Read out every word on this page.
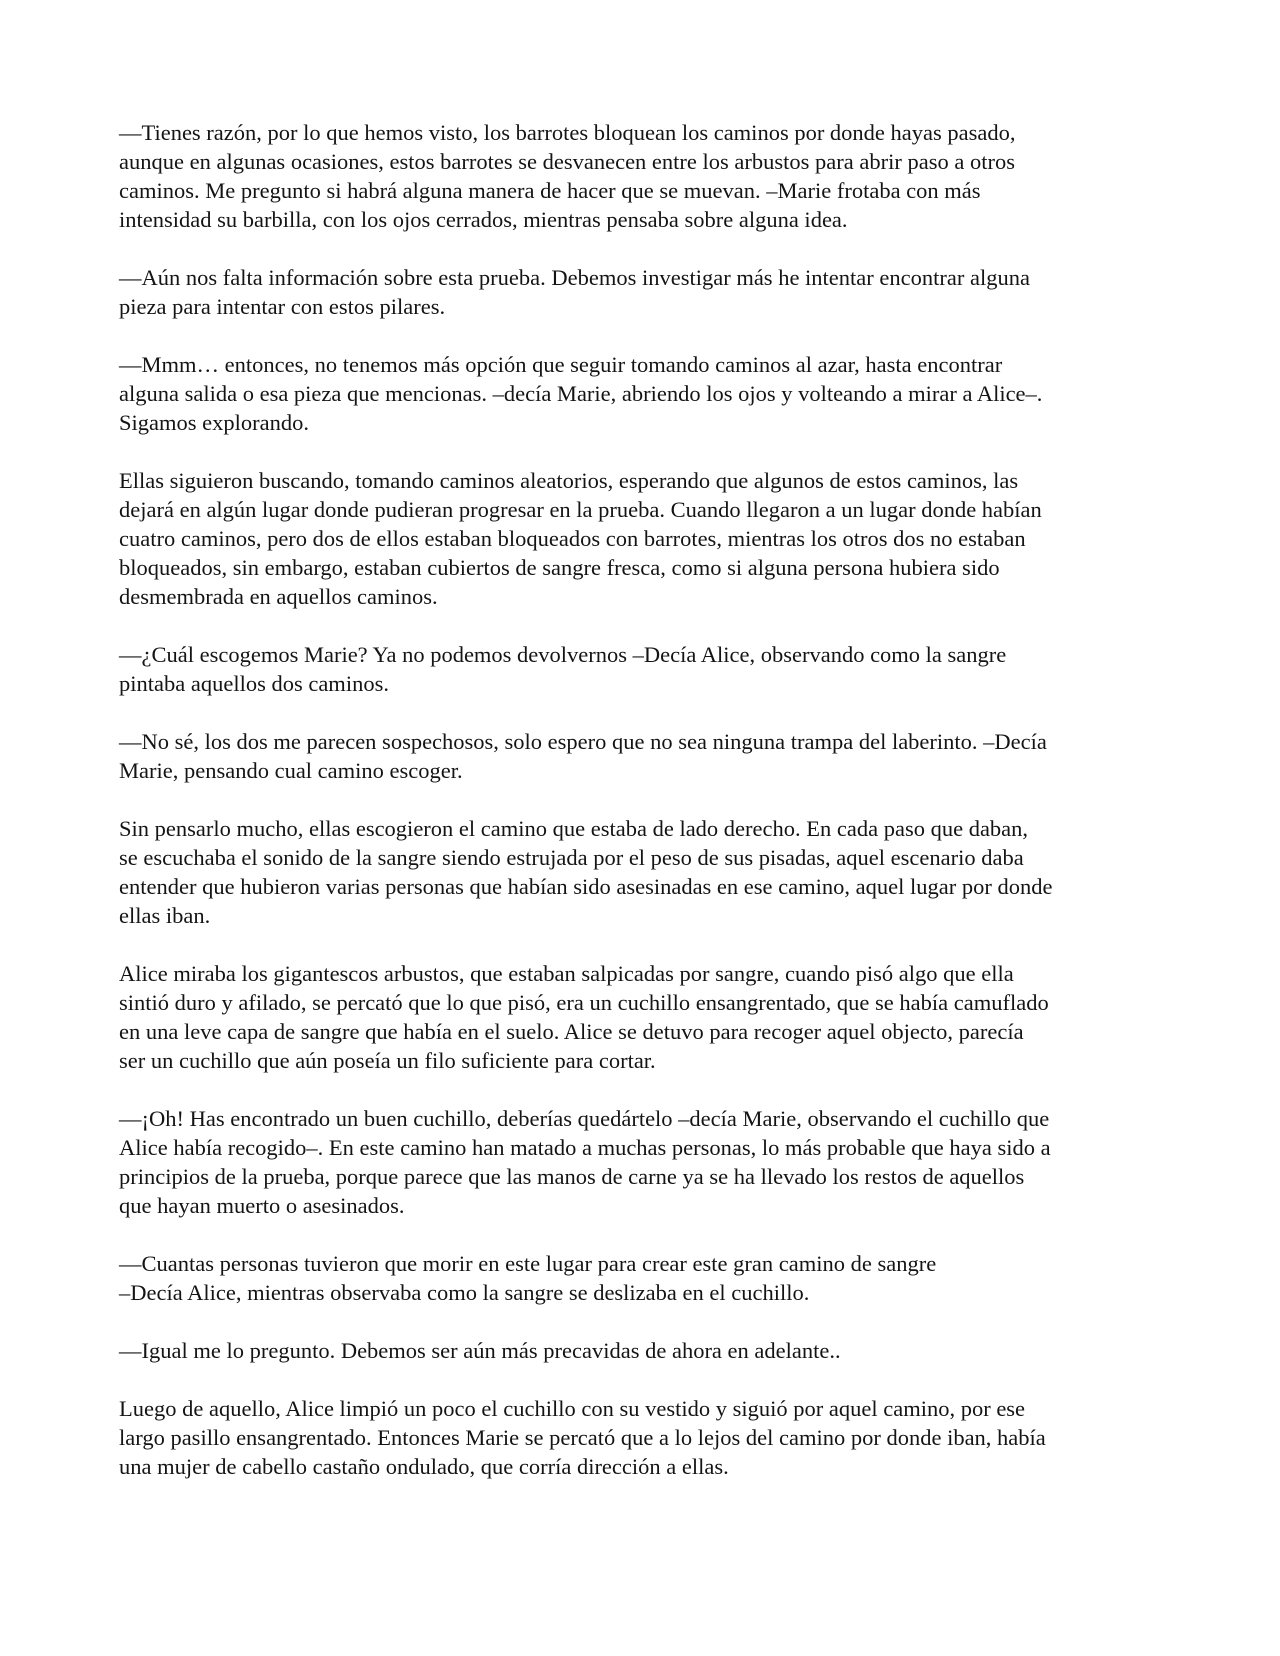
—Tienes razón, por lo que hemos visto, los barrotes bloquean los caminos por donde hayas pasado,
aunque en algunas ocasiones, estos barrotes se desvanecen entre los arbustos para abrir paso a otros
caminos. Me pregunto si habrá alguna manera de hacer que se muevan. –Marie frotaba con más
intensidad su barbilla, con los ojos cerrados, mientras pensaba sobre alguna idea.

—Aún nos falta información sobre esta prueba. Debemos investigar más he intentar encontrar alguna
pieza para intentar con estos pilares.

—Mmm… entonces, no tenemos más opción que seguir tomando caminos al azar, hasta encontrar
alguna salida o esa pieza que mencionas. –decía Marie, abriendo los ojos y volteando a mirar a Alice–.
Sigamos explorando.

Ellas siguieron buscando, tomando caminos aleatorios, esperando que algunos de estos caminos, las
dejará en algún lugar donde pudieran progresar en la prueba. Cuando llegaron a un lugar donde habían
cuatro caminos, pero dos de ellos estaban bloqueados con barrotes, mientras los otros dos no estaban
bloqueados, sin embargo, estaban cubiertos de sangre fresca, como si alguna persona hubiera sido
desmembrada en aquellos caminos.

—¿Cuál escogemos Marie? Ya no podemos devolvernos –Decía Alice, observando como la sangre
pintaba aquellos dos caminos.

—No sé, los dos me parecen sospechosos, solo espero que no sea ninguna trampa del laberinto. –Decía
Marie, pensando cual camino escoger.

Sin pensarlo mucho, ellas escogieron el camino que estaba de lado derecho. En cada paso que daban,
se escuchaba el sonido de la sangre siendo estrujada por el peso de sus pisadas, aquel escenario daba
entender que hubieron varias personas que habían sido asesinadas en ese camino, aquel lugar por donde
ellas iban.

Alice miraba los gigantescos arbustos, que estaban salpicadas por sangre, cuando pisó algo que ella
sintió duro y afilado, se percató que lo que pisó, era un cuchillo ensangrentado, que se había camuflado
en una leve capa de sangre que había en el suelo. Alice se detuvo para recoger aquel objecto, parecía
ser un cuchillo que aún poseía un filo suficiente para cortar.

—¡Oh! Has encontrado un buen cuchillo, deberías quedártelo –decía Marie, observando el cuchillo que
Alice había recogido–. En este camino han matado a muchas personas, lo más probable que haya sido a
principios de la prueba, porque parece que las manos de carne ya se ha llevado los restos de aquellos
que hayan muerto o asesinados.

—Cuantas personas tuvieron que morir en este lugar para crear este gran camino de sangre
–Decía Alice, mientras observaba como la sangre se deslizaba en el cuchillo.

—Igual me lo pregunto. Debemos ser aún más precavidas de ahora en adelante..

Luego de aquello, Alice limpió un poco el cuchillo con su vestido y siguió por aquel camino, por ese
largo pasillo ensangrentado. Entonces Marie se percató que a lo lejos del camino por donde iban, había
una mujer de cabello castaño ondulado, que corría dirección a ellas.
